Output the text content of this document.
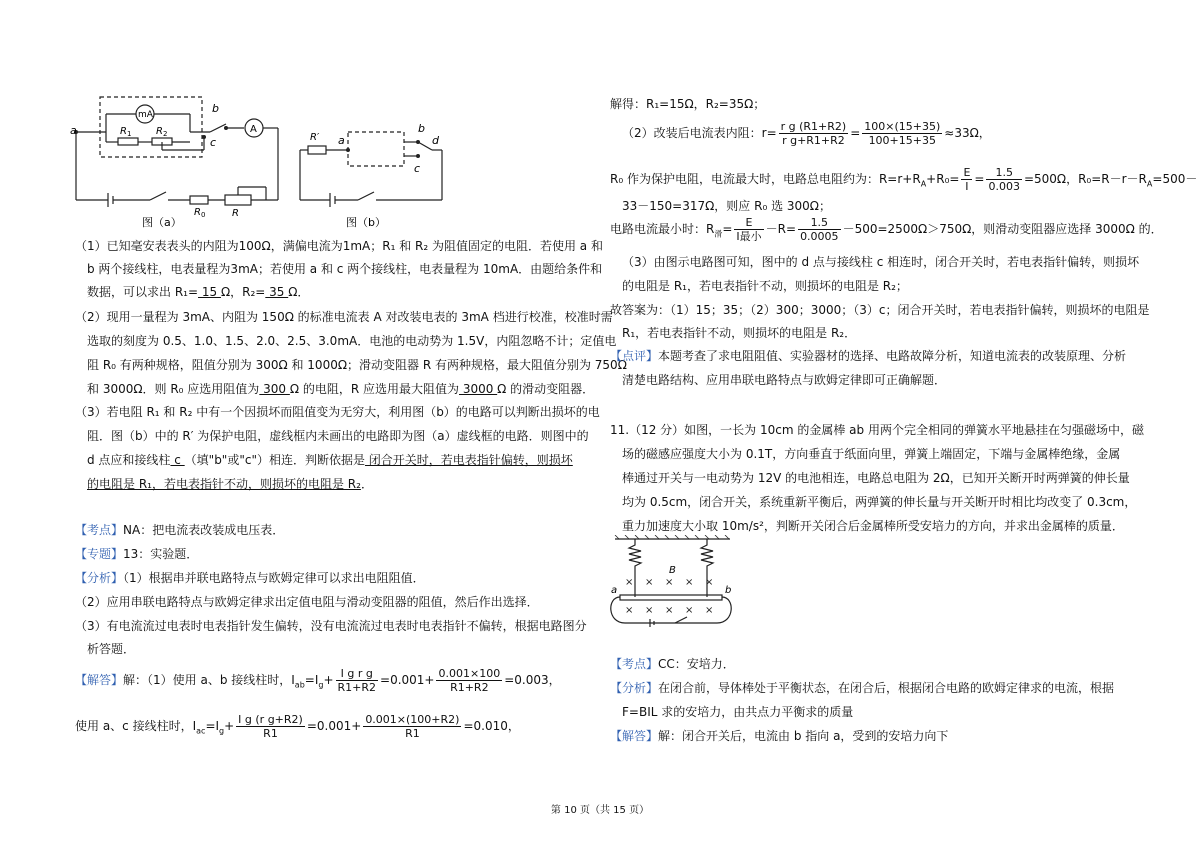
a
b
c
mA
A
R 1 R 2
R 0	R
图（a）
R′ a
b
d
c
图（b）

（1）已知毫安表表头的内阻为100Ω，满偏电流为1mA；R₁ 和 R₂ 为阻值固定的电阻．若使用 a 和

b 两个接线柱，电表量程为3mA；若使用 a 和 c 两个接线柱，电表量程为 10mA．由题给条件和

数据，可以求出 R₁= 15 Ω，R₂= 35 Ω．

（2）现用一量程为 3mA、内阻为 150Ω 的标准电流表 A 对改装电表的 3mA 档进行校准，校准时需

选取的刻度为 0.5、1.0、1.5、2.0、2.5、3.0mA．电池的电动势为 1.5V，内阻忽略不计；定值电

阻 R₀ 有两种规格，阻值分别为 300Ω 和 1000Ω；滑动变阻器 R 有两种规格，最大阻值分别为 750Ω

和 3000Ω．则 R₀ 应选用阻值为 300 Ω 的电阻，R 应选用最大阻值为 3000 Ω 的滑动变阻器．

（3）若电阻 R₁ 和 R₂ 中有一个因损坏而阻值变为无穷大，利用图（b）的电路可以判断出损坏的电

阻．图（b）中的 R′ 为保护电阻，虚线框内未画出的电路即为图（a）虚线框的电路．则图中的

d 点应和接线柱 c （填"b"或"c"）相连．判断依据是 闭合开关时，若电表指针偏转，则损坏

的电阻是 R₁，若电表指针不动，则损坏的电阻是 R₂．

【考点】NA：把电流表改装成电压表．

【专题】13：实验题．

【分析】（1）根据串并联电路特点与欧姆定律可以求出电阻阻值．

（2）应用串联电路特点与欧姆定律求出定值电阻与滑动变阻器的阻值，然后作出选择．

（3）有电流流过电表时电表指针发生偏转，没有电流流过电表时电表指针不偏转，根据电路图分

析答题．

【解答】解：（1）使用 a、b 接线柱时，$I_{ab}=I_g+ \frac{\text{I g r g}}{R1+R2} =0.001+ \frac{0.001\times 100}{R1+R2} =0.003$，

使用 a、c 接线柱时，$I_{ac}=I_g+ \frac{\text{I g (r g+R2)}}{R1} =0.001+ \frac{0.001\times(100+R2)}{R1} =0.010$，

解得：R₁=15Ω，R₂=35Ω；

（2）改装后电流表内阻：$r= \frac{\text{r g (R1+R2)}}{\text{r g+R1+R2}} = \frac{100\times(15+35)}{100+15+35} \approx 33\Omega$，

R₀ 作为保护电阻，电流最大时，电路总电阻约为：$R=r+R_A+R_0= \frac{E}{I} = \frac{1.5}{0.003} =500\Omega$，$R_0=R-r-R_A=500-$

33－150=317Ω，则应 R₀ 选 300Ω；

电路电流最小时：$R_滑= \frac{E}{\text{I最小}} -R= \frac{1.5}{0.0005} -500=2500\Omega>750\Omega$，则滑动变阻器应选择 3000Ω 的．

（3）由图示电路图可知，图中的 d 点与接线柱 c 相连时，闭合开关时，若电表指针偏转，则损坏

的电阻是 R₁，若电表指针不动，则损坏的电阻是 R₂；

故答案为：（1）15；35；（2）300；3000；（3）c；闭合开关时，若电表指针偏转，则损坏的电阻是

R₁，若电表指针不动，则损坏的电阻是 R₂．

【点评】本题考查了求电阻阻值、实验器材的选择、电路故障分析，知道电流表的改装原理、分析

清楚电路结构、应用串联电路特点与欧姆定律即可正确解题．

11.（12 分）如图，一长为 10cm 的金属棒 ab 用两个完全相同的弹簧水平地悬挂在匀强磁场中，磁

场的磁感应强度大小为 0.1T，方向垂直于纸面向里，弹簧上端固定，下端与金属棒绝缘，金属

棒通过开关与一电动势为 12V 的电池相连，电路总电阻为 2Ω，已知开关断开时两弹簧的伸长量

均为 0.5cm，闭合开关，系统重新平衡后，两弹簧的伸长量与开关断开时相比均改变了 0.3cm，

重力加速度大小取 10m/s²，判断开关闭合后金属棒所受安培力的方向，并求出金属棒的质量．

【考点】CC：安培力．

【分析】在闭合前，导体棒处于平衡状态，在闭合后，根据闭合电路的欧姆定律求的电流，根据

F=BIL 求的安培力，由共点力平衡求的质量

【解答】解：闭合开关后，电流由 b 指向 a，受到的安培力向下

× × × × ×
× × × × ×
B
a	b
第 10 页（共 15 页）
